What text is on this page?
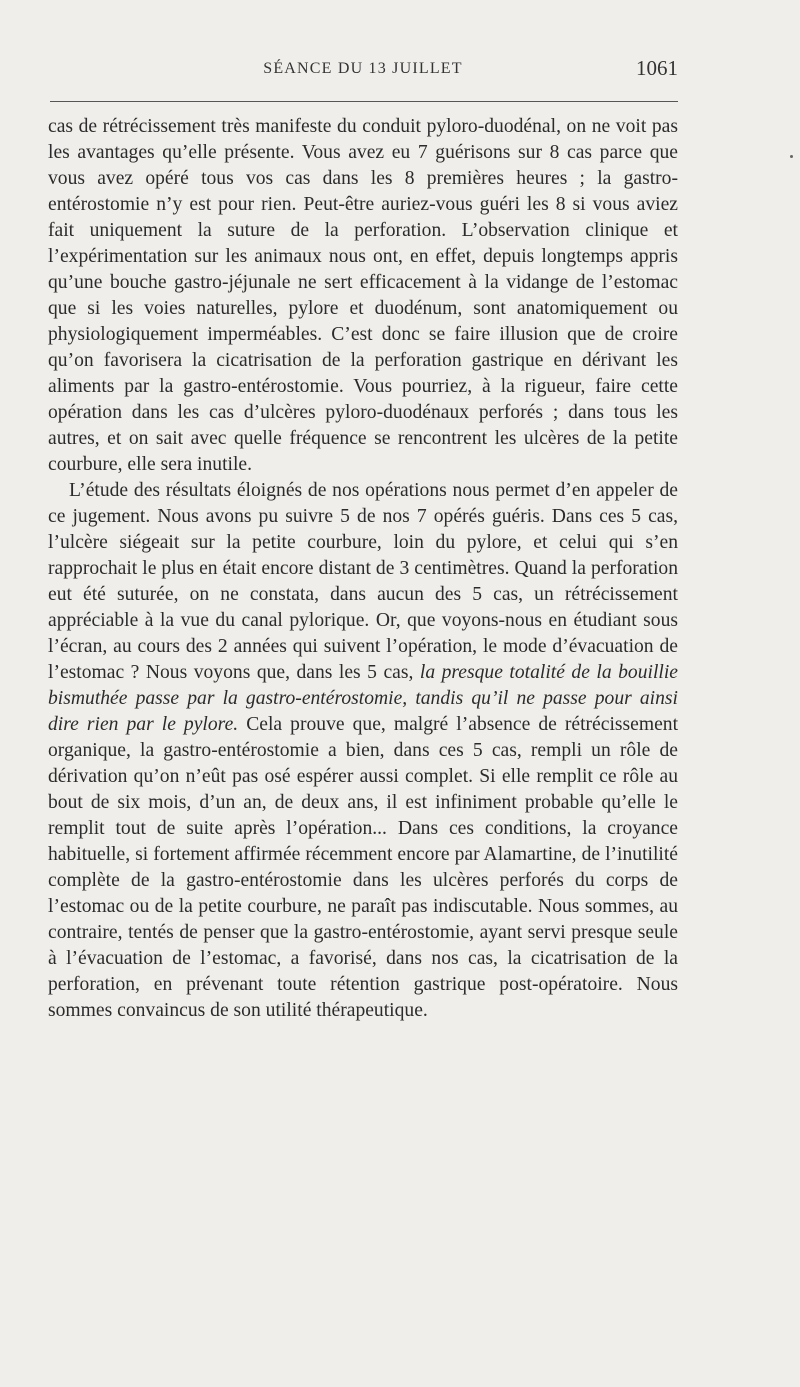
SÉANCE DU 13 JUILLET	1061

cas de rétrécissement très manifeste du conduit pyloro-duodénal, on ne voit pas les avantages qu’elle présente. Vous avez eu 7 guérisons sur 8 cas parce que vous avez opéré tous vos cas dans les 8 premières heures ; la gastro-entérostomie n’y est pour rien. Peut-être auriez-vous guéri les 8 si vous aviez fait uniquement la suture de la perforation. L’observation clinique et l’expérimentation sur les animaux nous ont, en effet, depuis longtemps appris qu’une bouche gastro-jéjunale ne sert efficacement à la vidange de l’estomac que si les voies naturelles, pylore et duodénum, sont anatomiquement ou physiologiquement imperméables. C’est donc se faire illusion que de croire qu’on favorisera la cicatrisation de la perforation gastrique en dérivant les aliments par la gastro-entérostomie. Vous pourriez, à la rigueur, faire cette opération dans les cas d’ulcères pyloro-duodénaux perforés ; dans tous les autres, et on sait avec quelle fréquence se rencontrent les ulcères de la petite courbure, elle sera inutile.

L’étude des résultats éloignés de nos opérations nous permet d’en appeler de ce jugement. Nous avons pu suivre 5 de nos 7 opérés guéris. Dans ces 5 cas, l’ulcère siégeait sur la petite courbure, loin du pylore, et celui qui s’en rapprochait le plus en était encore distant de 3 centimètres. Quand la perforation eut été suturée, on ne constata, dans aucun des 5 cas, un rétrécissement appréciable à la vue du canal pylorique. Or, que voyons-nous en étudiant sous l’écran, au cours des 2 années qui suivent l’opération, le mode d’évacuation de l’estomac ? Nous voyons que, dans les 5 cas, la presque totalité de la bouillie bismuthée passe par la gastro-entérostomie, tandis qu’il ne passe pour ainsi dire rien par le pylore. Cela prouve que, malgré l’absence de rétrécissement organique, la gastro-entérostomie a bien, dans ces 5 cas, rempli un rôle de dérivation qu’on n’eût pas osé espérer aussi complet. Si elle remplit ce rôle au bout de six mois, d’un an, de deux ans, il est infiniment probable qu’elle le remplit tout de suite après l’opération... Dans ces conditions, la croyance habituelle, si fortement affirmée récemment encore par Alamartine, de l’inutilité complète de la gastro-entérostomie dans les ulcères perforés du corps de l’estomac ou de la petite courbure, ne paraît pas indiscutable. Nous sommes, au contraire, tentés de penser que la gastro-entérostomie, ayant servi presque seule à l’évacuation de l’estomac, a favorisé, dans nos cas, la cicatrisation de la perforation, en prévenant toute rétention gastrique post-opératoire. Nous sommes convaincus de son utilité thérapeutique.
